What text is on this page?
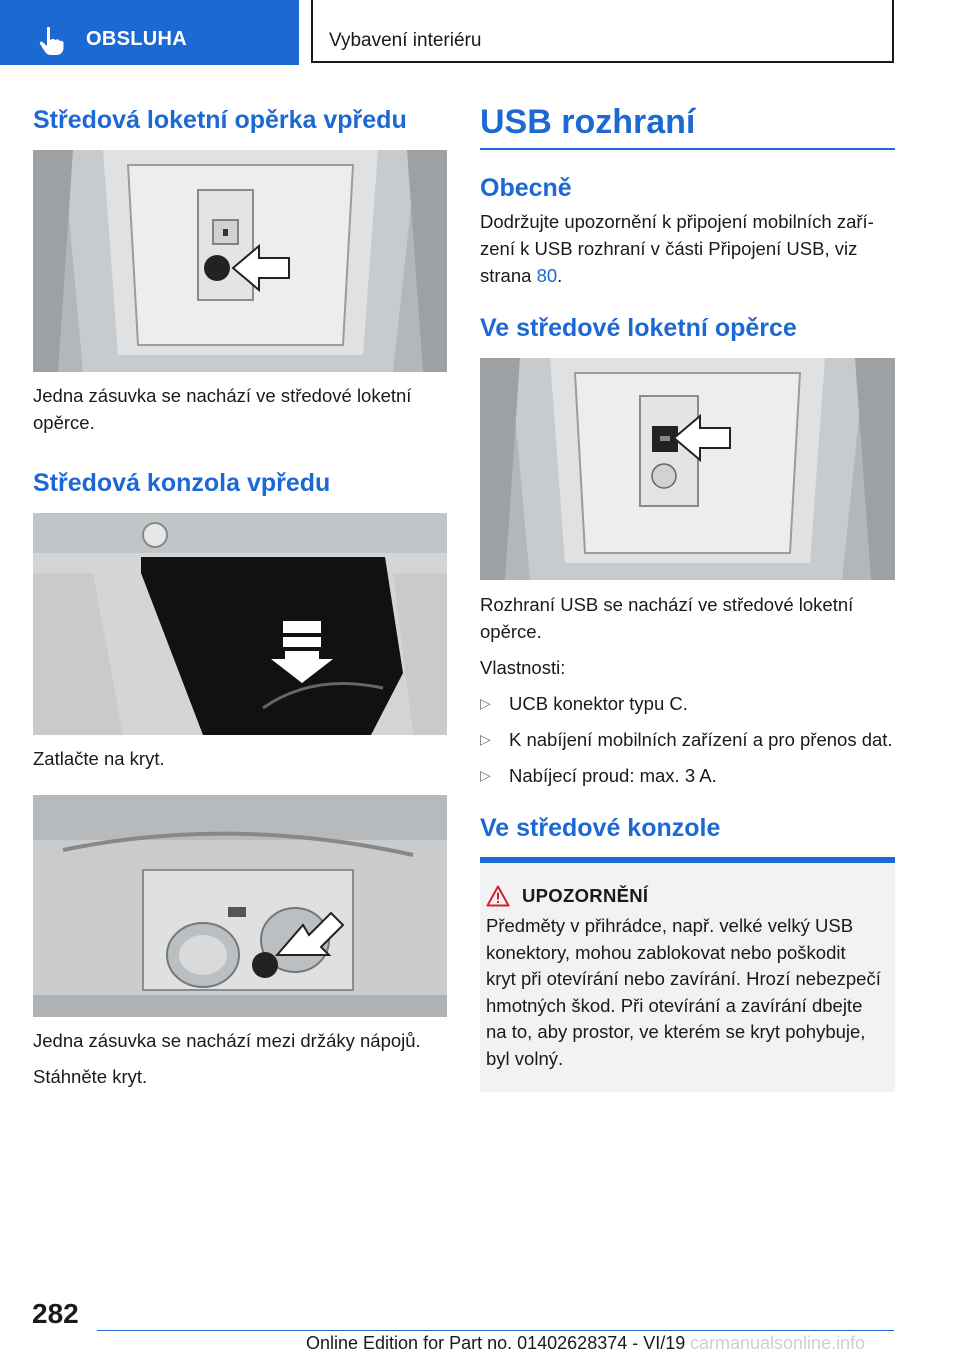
OBSLUHA	Vybavení interiéru
Středová loketní opěrka vpředu

Jedna zásuvka se nachází ve středové loketní
opěrce.

Středová konzola vpředu

Zatlačte na kryt.

Jedna zásuvka se nachází mezi držáky nápojů.

Stáhněte kryt.

USB rozhraní
Obecně

Dodržujte upozornění k připojení mobilních zaří‐
zení k USB rozhraní v části Připojení USB, viz
strana 80.

Ve středové loketní opěrce

Rozhraní USB se nachází ve středové loketní
opěrce.

Vlastnosti:

▷ UCB konektor typu C.
▷ K nabíjení mobilních zařízení a pro přenos dat.
▷ Nabíjecí proud: max. 3 A.
Ve středové konzole
UPOZORNĚNÍ

Předměty v přihrádce, např. velké velký USB
konektory, mohou zablokovat nebo poškodit
kryt při otevírání nebo zavírání. Hrozí nebezpečí
hmotných škod. Při otevírání a zavírání dbejte
na to, aby prostor, ve kterém se kryt pohybuje,
byl volný.

282
Online Edition for Part no. 01402628374 - VI/19 carmanualsonline.info
